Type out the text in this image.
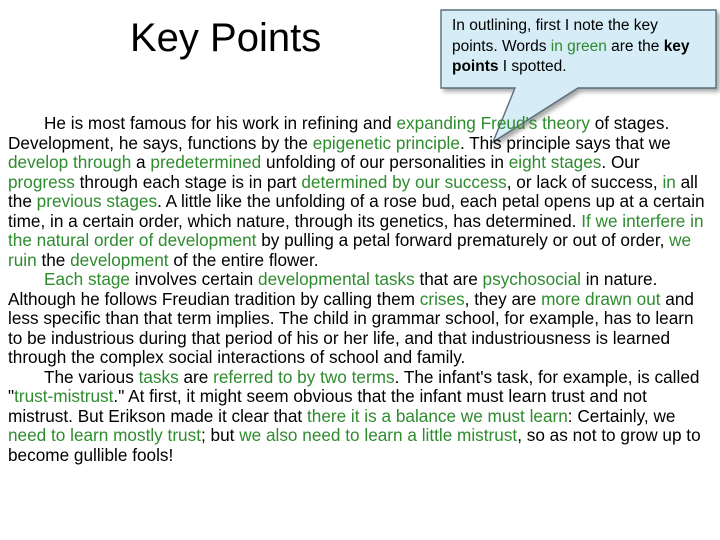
Key Points	In outlining, first I note the key points. Words in green are the key points I spotted.

He is most famous for his work in refining and expanding Freud's theory of stages. Development, he says, functions by the epigenetic principle. This principle says that we develop through a predetermined unfolding of our personalities in eight stages. Our progress through each stage is in part determined by our success, or lack of success, in all the previous stages. A little like the unfolding of a rose bud, each petal opens up at a certain time, in a certain order, which nature, through its genetics, has determined. If we interfere in the natural order of development by pulling a petal forward prematurely or out of order, we ruin the development of the entire flower.

Each stage involves certain developmental tasks that are psychosocial in nature. Although he follows Freudian tradition by calling them crises, they are more drawn out and less specific than that term implies. The child in grammar school, for example, has to learn to be industrious during that period of his or her life, and that industriousness is learned through the complex social interactions of school and family.

The various tasks are referred to by two terms. The infant's task, for example, is called "trust-mistrust." At first, it might seem obvious that the infant must learn trust and not mistrust. But Erikson made it clear that there it is a balance we must learn: Certainly, we need to learn mostly trust; but we also need to learn a little mistrust, so as not to grow up to become gullible fools!
